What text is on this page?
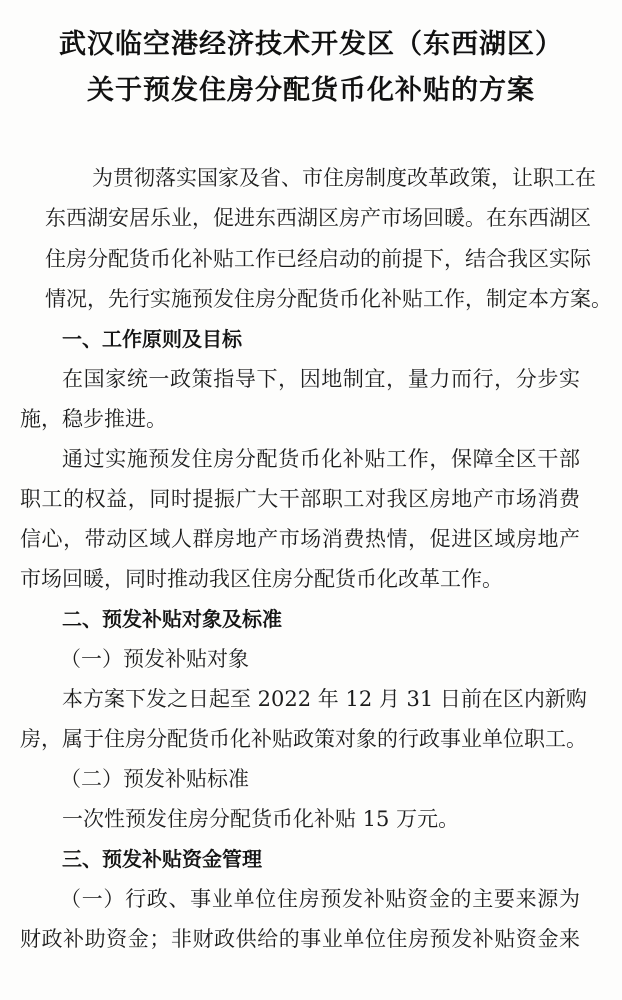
武汉临空港经济技术开发区（东西湖区）
关于预发住房分配货币化补贴的方案
为贯彻落实国家及省、市住房制度改革政策，让职工在
东西湖安居乐业，促进东西湖区房产市场回暖。在东西湖区
住房分配货币化补贴工作已经启动的前提下，结合我区实际
情况，先行实施预发住房分配货币化补贴工作，制定本方案。
一、工作原则及目标
在国家统一政策指导下，因地制宜，量力而行，分步实
施，稳步推进。
通过实施预发住房分配货币化补贴工作，保障全区干部
职工的权益，同时提振广大干部职工对我区房地产市场消费
信心，带动区域人群房地产市场消费热情，促进区域房地产
市场回暖，同时推动我区住房分配货币化改革工作。
二、预发补贴对象及标准
（一）预发补贴对象
本方案下发之日起至 2022 年 12 月 31 日前在区内新购
房，属于住房分配货币化补贴政策对象的行政事业单位职工。
（二）预发补贴标准
一次性预发住房分配货币化补贴 15 万元。
三、预发补贴资金管理
（一）行政、事业单位住房预发补贴资金的主要来源为
财政补助资金；非财政供给的事业单位住房预发补贴资金来
